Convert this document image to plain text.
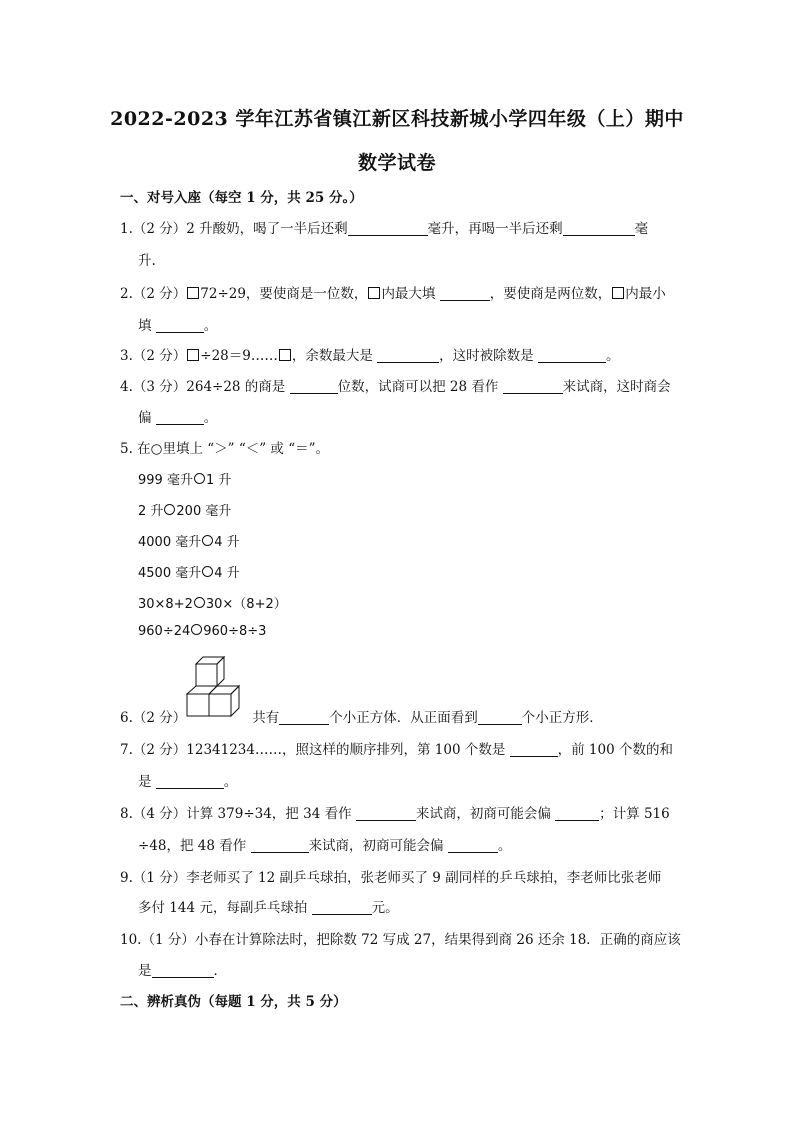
2022-2023 学年江苏省镇江新区科技新城小学四年级（上）期中
数学试卷
一、对号入座（每空 1 分，共 25 分。）
1.（2 分）2 升酸奶，喝了一半后还剩	毫升，再喝一半后还剩	毫
升.
2.（2 分） 72÷29，要使商是一位数， 内最大填	，要使商是两位数， 内最小
填	。
3.（2 分） ÷28＝9…… ，余数最大是	，这时被除数是	。
4.（3 分）264÷28 的商是	位数，试商可以把 28 看作	来试商，这时商会
偏	。
5. 在○里填上 “＞” “＜” 或 “＝”。
999 毫升 1 升
2 升 200 毫升
4000 毫升 4 升
4500 毫升 4 升
30×8+2 30×（8+2）
960÷24 960÷8÷3
6.（2 分）	共有	个小正方体．从正面看到	个小正方形．
7.（2 分）12341234……，照这样的顺序排列，第 100 个数是	，前 100 个数的和
是	。
8.（4 分）计算 379÷34，把 34 看作	来试商，初商可能会偏	；计算 516
÷48，把 48 看作	来试商，初商可能会偏	。
9.（1 分）李老师买了 12 副乒乓球拍，张老师买了 9 副同样的乒乓球拍，李老师比张老师
多付 144 元，每副乒乓球拍	元。
10.（1 分）小春在计算除法时，把除数 72 写成 27，结果得到商 26 还余 18．正确的商应该
是	．
二、辨析真伪（每题 1 分，共 5 分）
